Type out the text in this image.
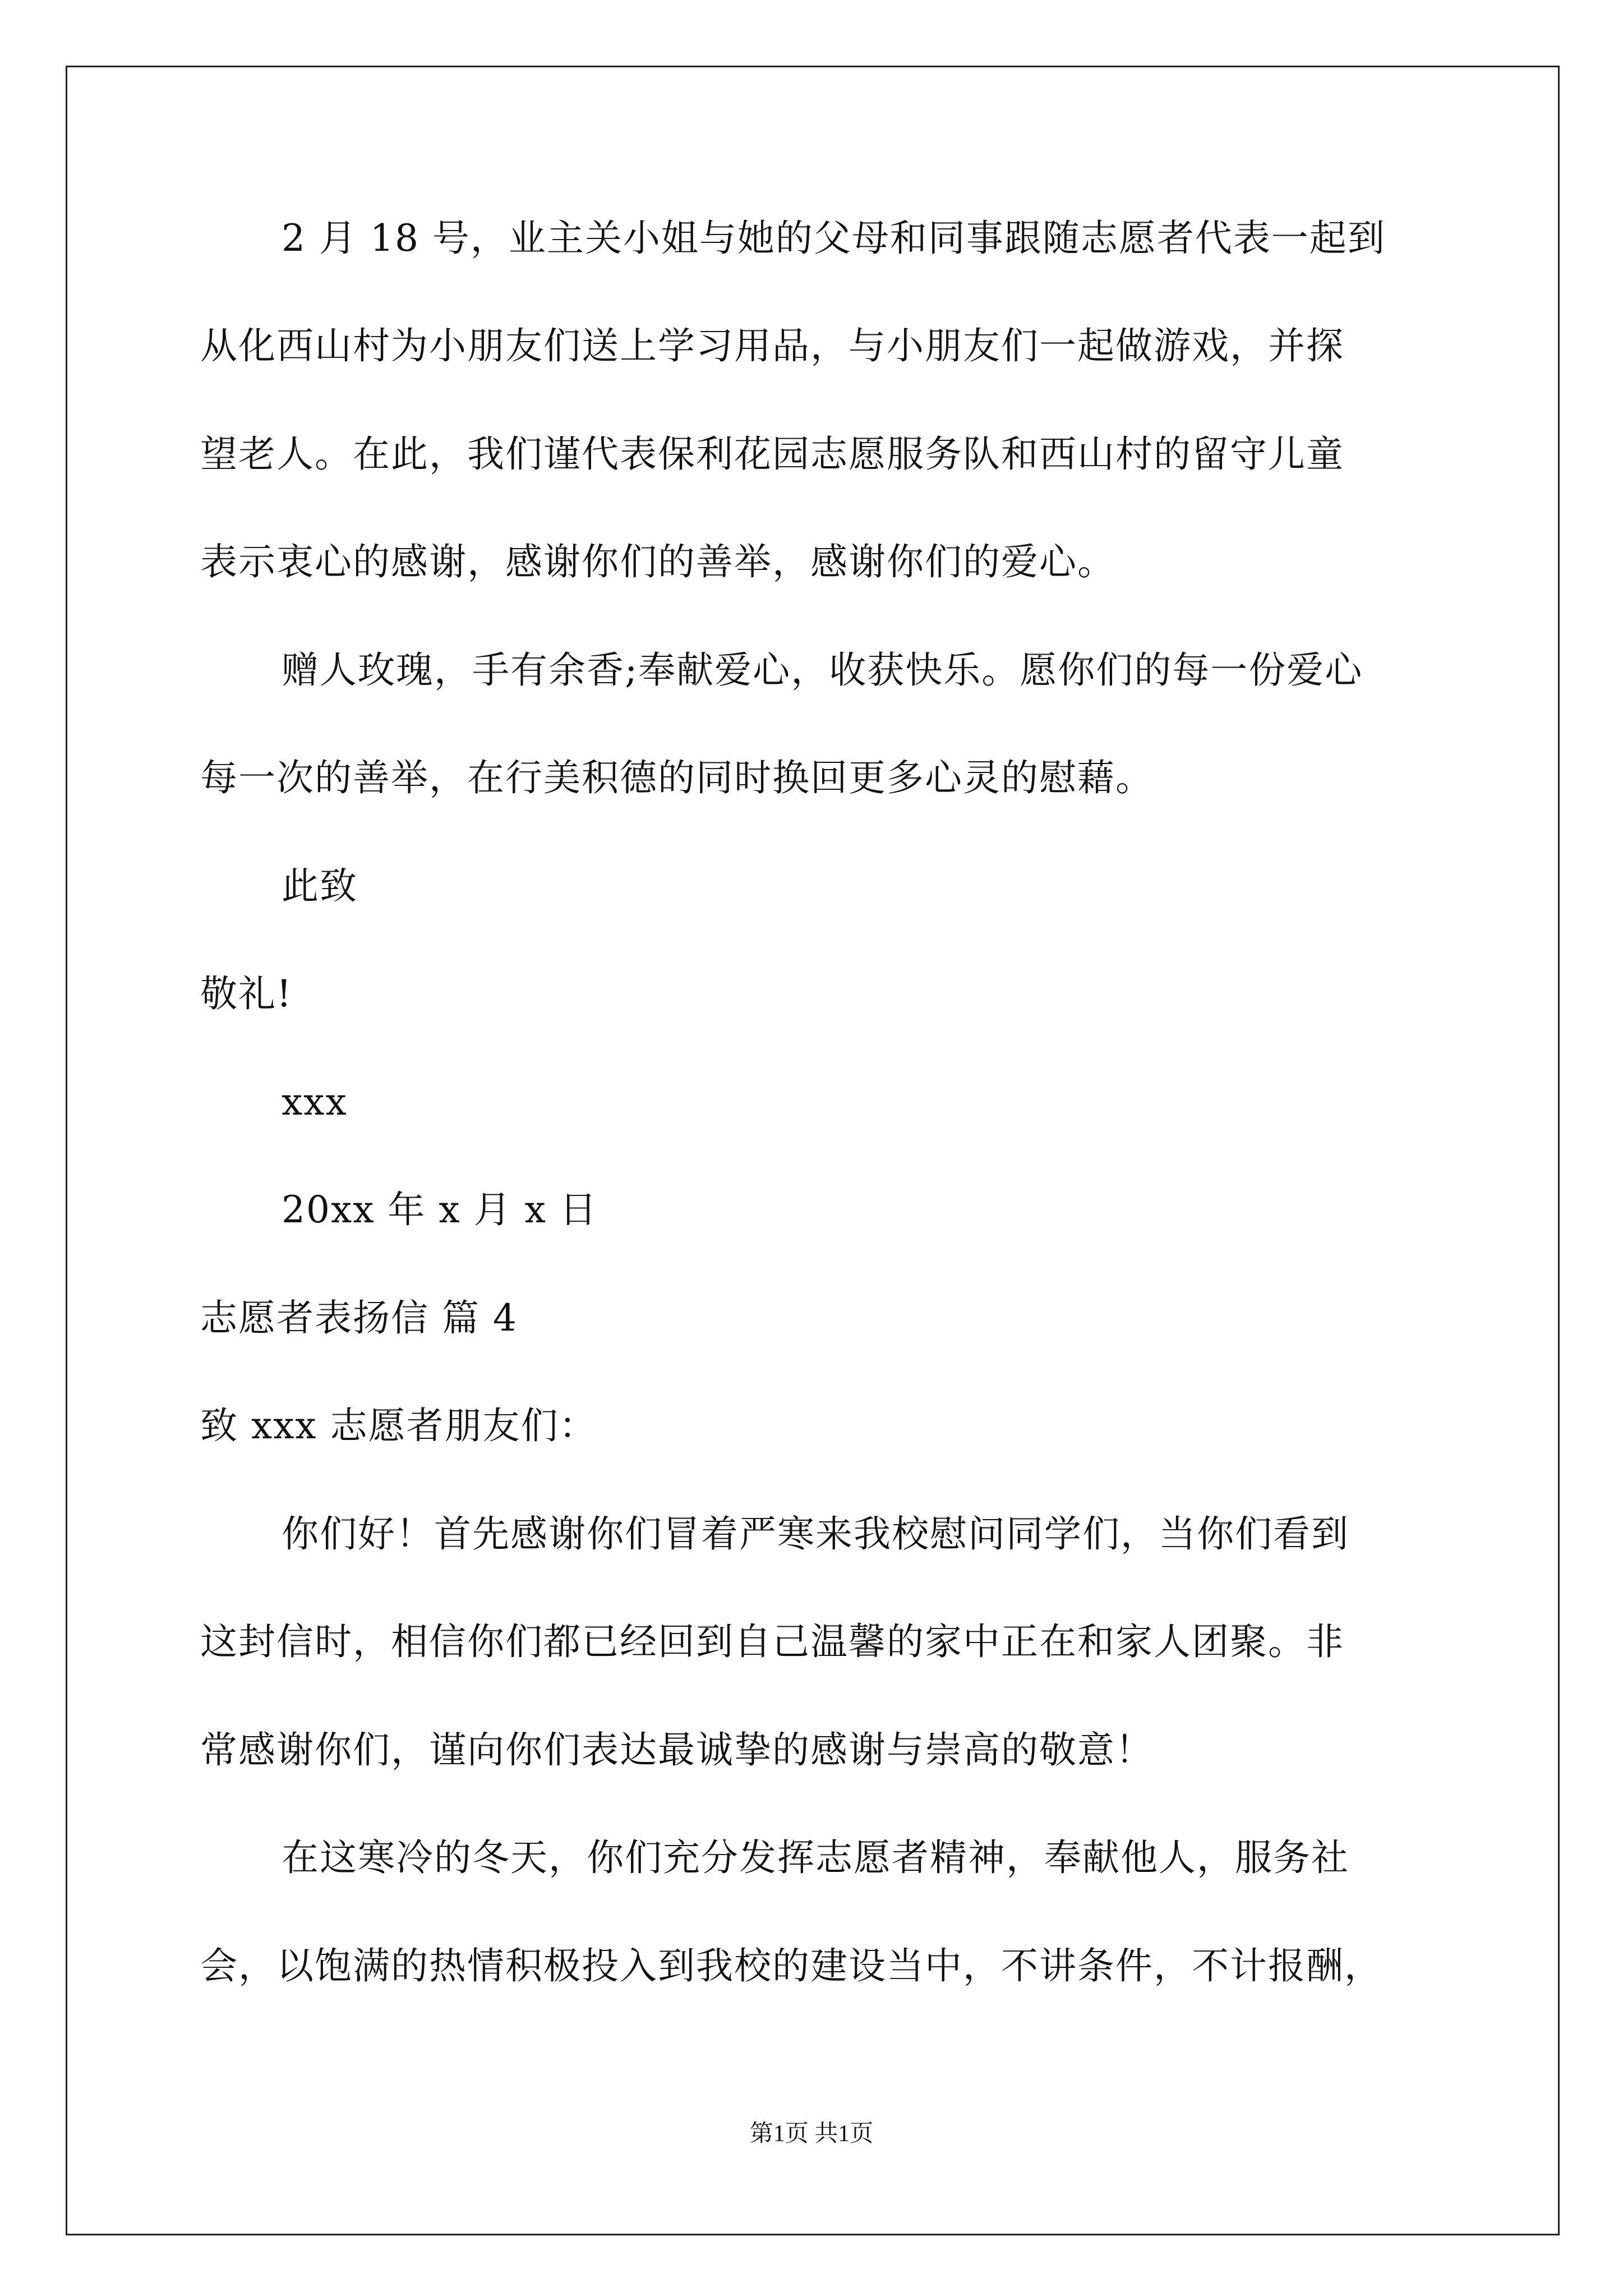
2 月 18 号，业主关小姐与她的父母和同事跟随志愿者代表一起到
从化西山村为小朋友们送上学习用品，与小朋友们一起做游戏，并探
望老人。在此，我们谨代表保利花园志愿服务队和西山村的留守儿童
表示衷心的感谢，感谢你们的善举，感谢你们的爱心。
赠人玫瑰，手有余香;奉献爱心，收获快乐。愿你们的每一份爱心
每一次的善举，在行美积德的同时换回更多心灵的慰藉。
此致
敬礼!
xxx
20xx 年 x 月 x 日
志愿者表扬信 篇 4
致 xxx 志愿者朋友们：
你们好！首先感谢你们冒着严寒来我校慰问同学们，当你们看到
这封信时，相信你们都已经回到自己温馨的家中正在和家人团聚。非
常感谢你们，谨向你们表达最诚挚的感谢与崇高的敬意！
在这寒冷的冬天，你们充分发挥志愿者精神，奉献他人，服务社
会，以饱满的热情积极投入到我校的建设当中，不讲条件，不计报酬，
第1页 共1页
